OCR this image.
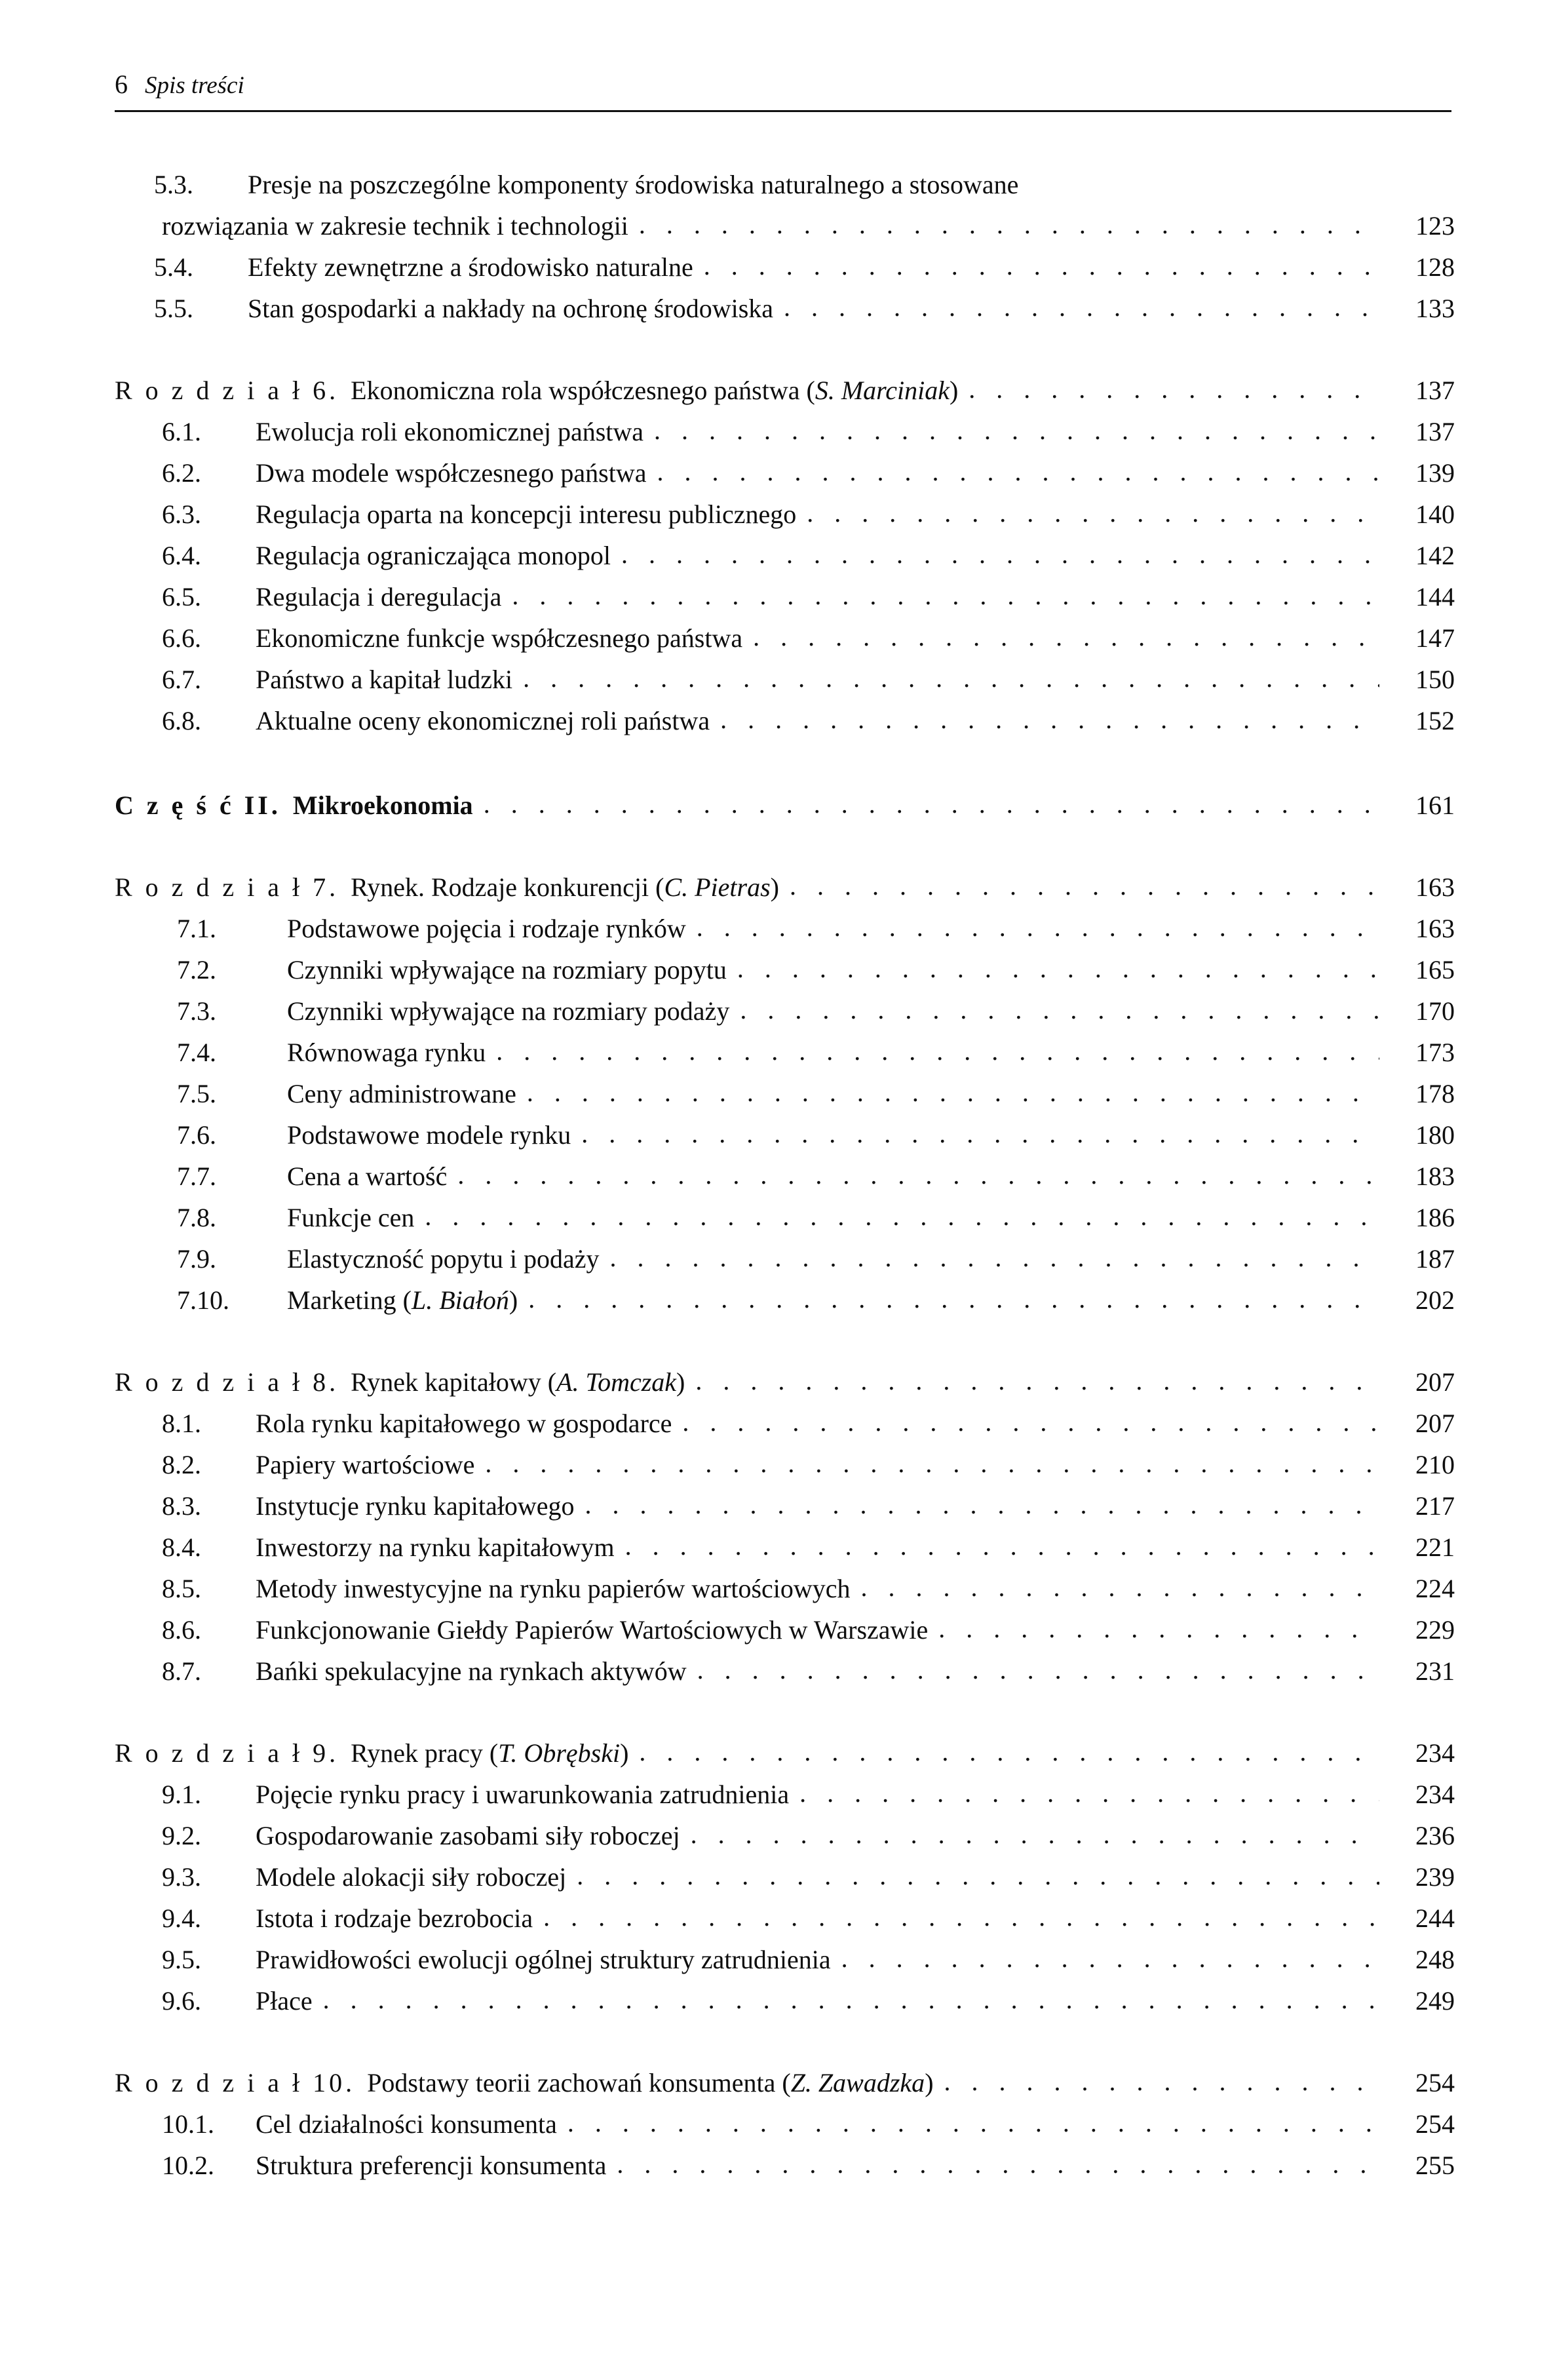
6 Spis treści
5.3.	Presje na poszczególne komponenty środowiska naturalnego a stosowane
rozwiązania w zakresie technik i technologii . . .	123
5.4.	Efekty zewnętrzne a środowisko naturalne . . .	128
5.5.	Stan gospodarki a nakłady na ochronę środowiska . . .	133
R o z d z i a ł 6. Ekonomiczna rola współczesnego państwa ( S. Marciniak ) . . .	137
6.1.	Ewolucja roli ekonomicznej państwa . . .	137
6.2.	Dwa modele współczesnego państwa . . .	139
6.3.	Regulacja oparta na koncepcji interesu publicznego . . .	140
6.4.	Regulacja ograniczająca monopol . . .	142
6.5.	Regulacja i deregulacja . . .	144
6.6.	Ekonomiczne funkcje współczesnego państwa . . .	147
6.7.	Państwo a kapitał ludzki . . .	150
6.8.	Aktualne oceny ekonomicznej roli państwa . . .	152
C z ę ś ć II. Mikroekonomia . . .	161
R o z d z i a ł 7. Rynek. Rodzaje konkurencji ( C. Pietras ) . . .	163
7.1.	Podstawowe pojęcia i rodzaje rynków . . .	163
7.2.	Czynniki wpływające na rozmiary popytu . . .	165
7.3.	Czynniki wpływające na rozmiary podaży . . .	170
7.4.	Równowaga rynku . . .	173
7.5.	Ceny administrowane . . .	178
7.6.	Podstawowe modele rynku . . .	180
7.7.	Cena a wartość . . .	183
7.8.	Funkcje cen . . .	186
7.9.	Elastyczność popytu i podaży . . .	187
7.10.	Marketing ( L. Białoń ) . . .	202
R o z d z i a ł 8. Rynek kapitałowy ( A. Tomczak ) . . .	207
8.1.	Rola rynku kapitałowego w gospodarce . . .	207
8.2.	Papiery wartościowe . . .	210
8.3.	Instytucje rynku kapitałowego . . .	217
8.4.	Inwestorzy na rynku kapitałowym . . .	221
8.5.	Metody inwestycyjne na rynku papierów wartościowych . . .	224
8.6.	Funkcjonowanie Giełdy Papierów Wartościowych w Warszawie . . .	229
8.7.	Bańki spekulacyjne na rynkach aktywów . . .	231
R o z d z i a ł 9. Rynek pracy ( T. Obrębski ) . . .	234
9.1.	Pojęcie rynku pracy i uwarunkowania zatrudnienia . . .	234
9.2.	Gospodarowanie zasobami siły roboczej . . .	236
9.3.	Modele alokacji siły roboczej . . .	239
9.4.	Istota i rodzaje bezrobocia . . .	244
9.5.	Prawidłowości ewolucji ogólnej struktury zatrudnienia . . .	248
9.6.	Płace . . .	249
R o z d z i a ł 10. Podstawy teorii zachowań konsumenta ( Z. Zawadzka ) . . .	254
10.1.	Cel działalności konsumenta . . .	254
10.2.	Struktura preferencji konsumenta . . .	255
